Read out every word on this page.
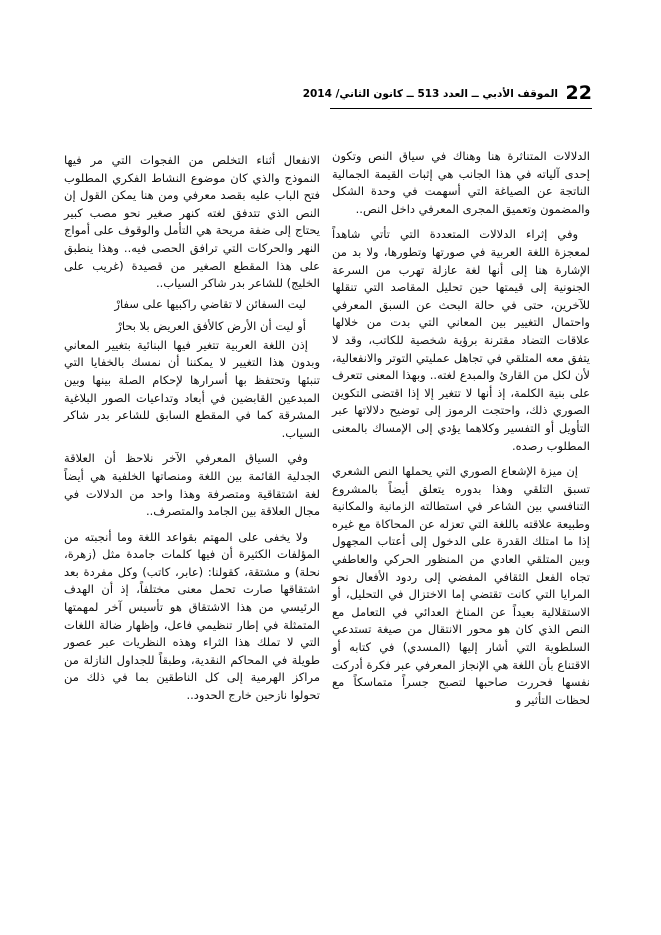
22
الموقف الأدبي ــ العدد 513 ــ كانون الثاني/ 2014

الدلالات المتناثرة هنا وهناك في سياق النص وتكون إحدى آلياته في هذا الجانب هي إثبات القيمة الجمالية الناتجة عن الصياغة التي أسهمت في وحدة الشكل والمضمون وتعميق المجرى المعرفي داخل النص..

وفي إثراء الدلالات المتعددة التي تأتي شاهداً لمعجزة اللغة العربية في صورتها وتطورها، ولا بد من الإشارة هنا إلى أنها لغة عازلة تهرب من السرعة الجنونية إلى قيمتها حين تحليل المقاصد التي تنقلها للآخرين، حتى في حالة البحث عن السبق المعرفي واحتمال التغيير بين المعاني التي بدت من خلالها علاقات التضاد مقترنة برؤية شخصية للكاتب، وقد لا يتفق معه المتلقي في تجاهل عمليتي التوتر والانفعالية، لأن لكل من القارئ والمبدع لغته.. وبهذا المعنى تتعرف على بنية الكلمة، إذ أنها لا تتغير إلا إذا اقتضى التكوين الصوري ذلك، واحتجت الرموز إلى توضيح دلالاتها عبر التأويل أو التفسير وكلاهما يؤدي إلى الإمساك بالمعنى المطلوب رصده.

إن ميزة الإشعاع الصوري التي يحملها النص الشعري تسبق التلقي وهذا بدوره يتعلق أيضاً بالمشروع التنافسي بين الشاعر في استطالته الزمانية والمكانية وطبيعة علاقته باللغة التي تعزله عن المحاكاة مع غيره إذا ما امتلك القدرة على الدخول إلى أعتاب المجهول وبين المتلقي العادي من المنظور الحركي والعاطفي تجاه الفعل الثقافي المفضي إلى ردود الأفعال نحو المرايا التي كانت تقتضي إما الاختزال في التحليل، أو الاستقلالية بعيداً عن المناخ العدائي في التعامل مع النص الذي كان هو محور الانتقال من صيغة تستدعي السلطوية التي أشار إليها (المسدي) في كتابه أو الاقتناع بأن اللغة هي الإنجاز المعرفي عبر فكرة أدركت نفسها فحررت صاحبها لتصبح جسراً متماسكاً مع لحظات التأثير و

الانفعال أثناء التخلص من الفجوات التي مر فيها النموذج والذي كان موضوع النشاط الفكري المطلوب فتح الباب عليه بقصد معرفي ومن هنا يمكن القول إن النص الذي تتدفق لغته كنهر صغير نحو مصب كبير يحتاج إلى ضفة مريحة هي التأمل والوقوف على أمواج النهر والحركات التي ترافق الحصى فيه.. وهذا ينطبق على هذا المقطع الصغير من قصيدة (غريب على الخليج) للشاعر بدر شاكر السياب..

ليت السفائن لا تقاضي راكبيها على سفارْ

أو ليت أن الأرض كالأفق العريض بلا بحارْ

إذن اللغة العربية تتغير فيها البنائية بتغيير المعاني وبدون هذا التغيير لا يمكننا أن نمسك بالخفايا التي تنبئها وتحتفظ بها أسرارها لإحكام الصلة بينها وبين المبدعين القابضين في أبعاد وتداعيات الصور البلاغية المشرقة كما في المقطع السابق للشاعر بدر شاكر السياب.

وفي السياق المعرفي الآخر نلاحظ أن العلاقة الجدلية القائمة بين اللغة ومنصاتها الخلفية هي أيضاً لغة اشتقاقية ومتصرفة وهذا واحد من الدلالات في مجال العلاقة بين الجامد والمتصرف..

ولا يخفى على المهتم بقواعد اللغة وما أنجبته من المؤلفات الكثيرة أن فيها كلمات جامدة مثل (زهرة، نحلة) و مشتقة، كقولنا: (عابر، كاتب) وكل مفردة بعد اشتقاقها صارت تحمل معنى مختلفاً، إذ أن الهدف الرئيسي من هذا الاشتقاق هو تأسيس آخر لمهمتها المتمثلة في إطار تنظيمي فاعل، وإظهار ضالة اللغات التي لا تملك هذا الثراء وهذه النظريات عبر عصور طويلة في المحاكم النقدية، وطبقاً للجداول النازلة من مراكز الهرمية إلى كل الناطقين بما في ذلك من تحولوا نازحين خارج الحدود..
